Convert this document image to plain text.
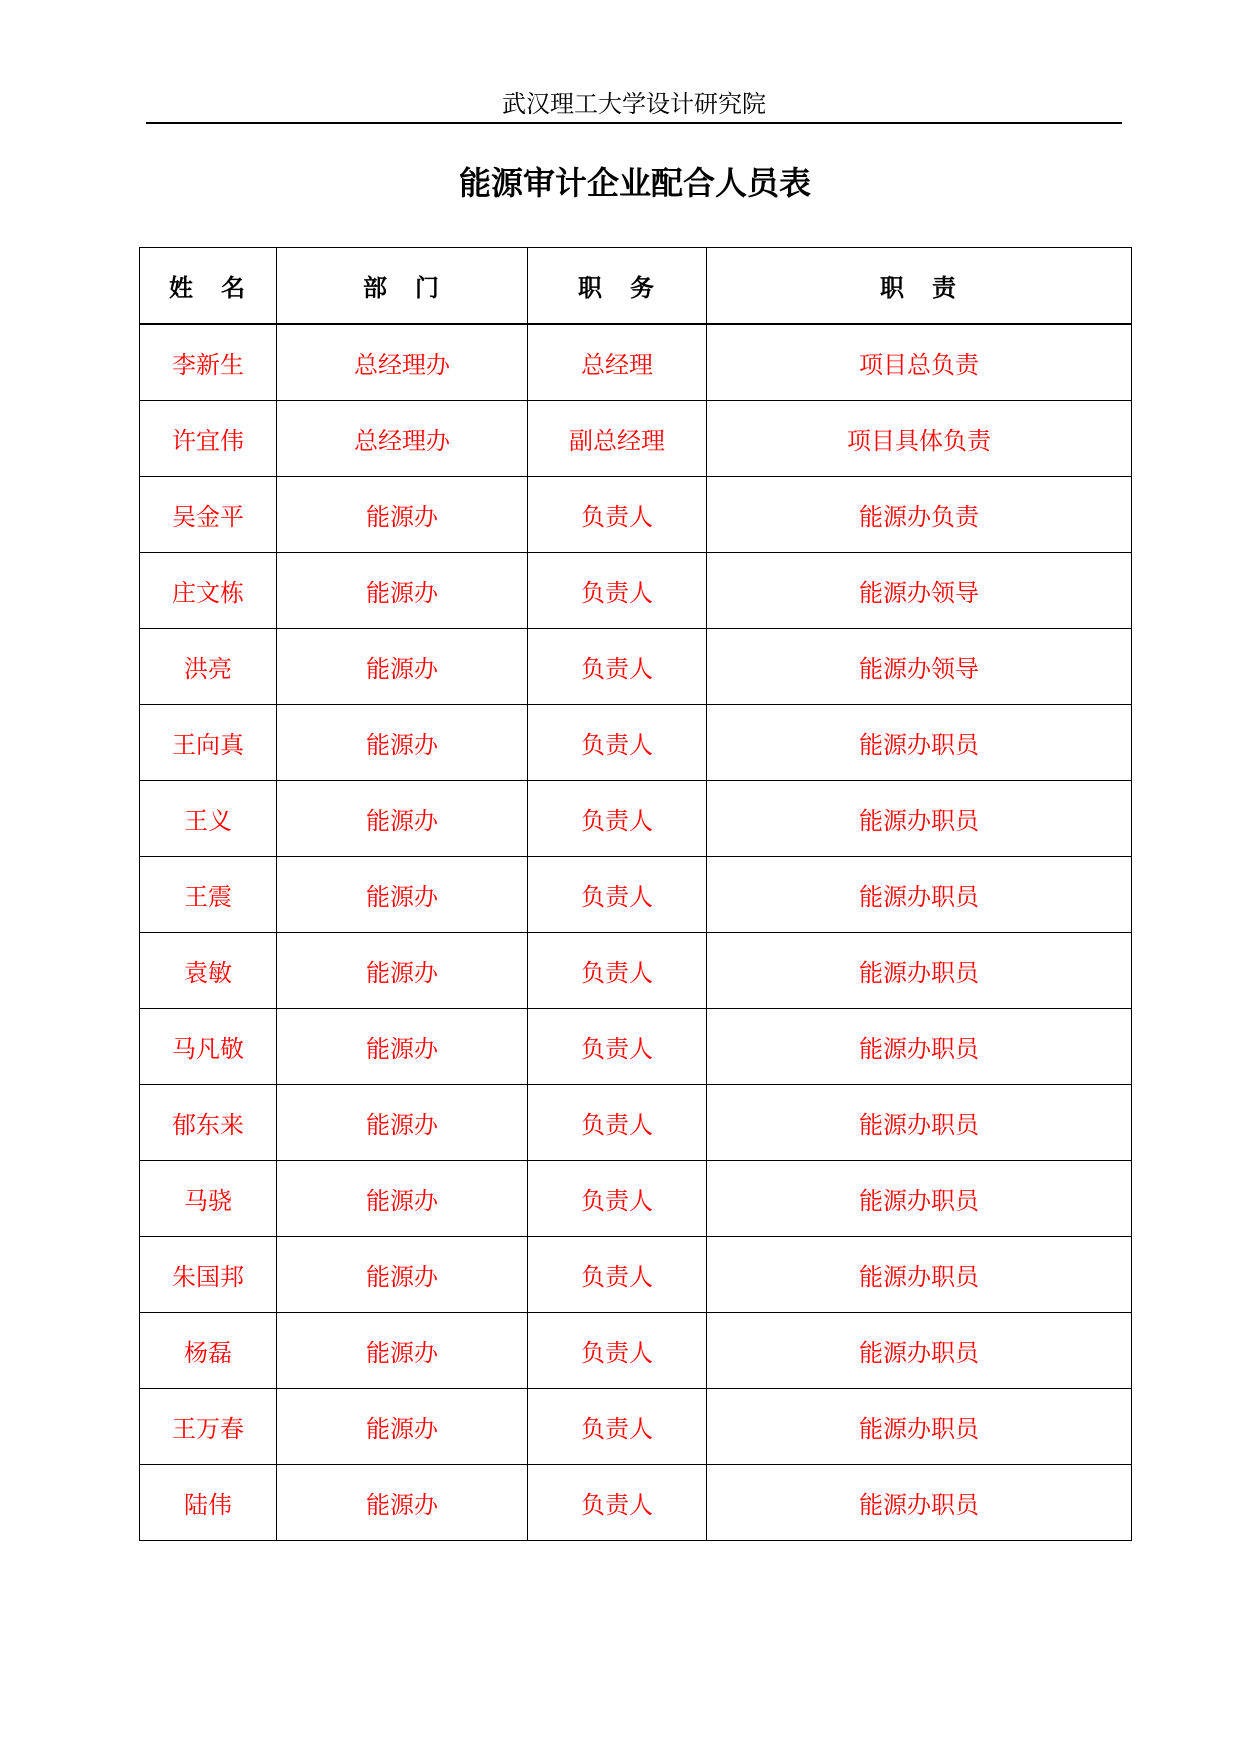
武汉理工大学设计研究院
能源审计企业配合人员表
姓　名	部　门	职　务	职　责
李新生	总经理办	总经理	项目总负责
许宜伟	总经理办	副总经理	项目具体负责
吴金平	能源办	负责人	能源办负责
庄文栋	能源办	负责人	能源办领导
洪亮	能源办	负责人	能源办领导
王向真	能源办	负责人	能源办职员
王义	能源办	负责人	能源办职员
王震	能源办	负责人	能源办职员
袁敏	能源办	负责人	能源办职员
马凡敬	能源办	负责人	能源办职员
郁东来	能源办	负责人	能源办职员
马骁	能源办	负责人	能源办职员
朱国邦	能源办	负责人	能源办职员
杨磊	能源办	负责人	能源办职员
王万春	能源办	负责人	能源办职员
陆伟	能源办	负责人	能源办职员
